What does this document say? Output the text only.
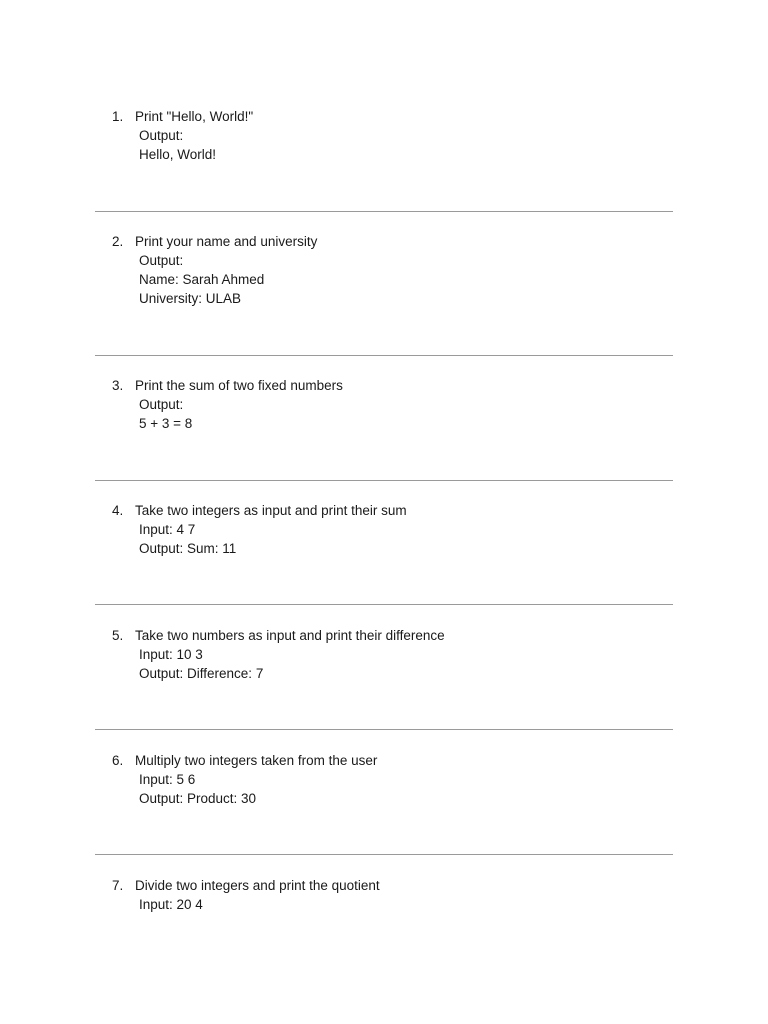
1. Print "Hello, World!"
Output:
Hello, World!
2. Print your name and university
Output:
Name: Sarah Ahmed
University: ULAB
3. Print the sum of two fixed numbers
Output:
5 + 3 = 8
4. Take two integers as input and print their sum
Input: 4 7
Output: Sum: 11
5. Take two numbers as input and print their difference
Input: 10 3
Output: Difference: 7
6. Multiply two integers taken from the user
Input: 5 6
Output: Product: 30
7. Divide two integers and print the quotient
Input: 20 4
